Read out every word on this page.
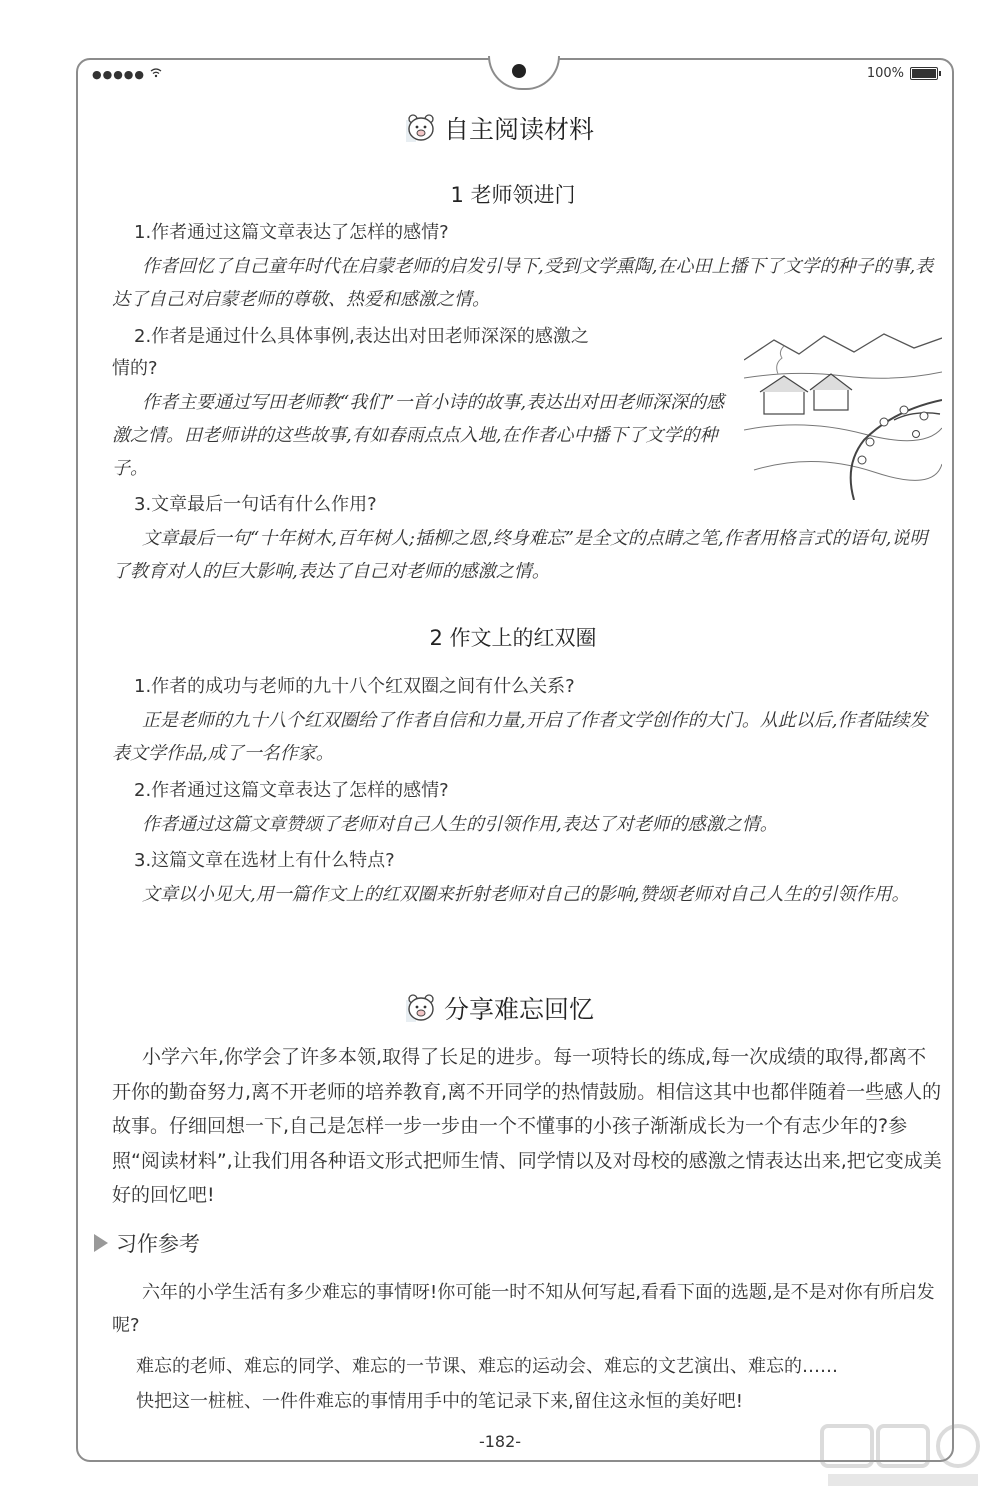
●●●●●	100%
自主阅读材料
1 老师领进门
1.作者通过这篇文章表达了怎样的感情?
作者回忆了自己童年时代在启蒙老师的启发引导下,受到文学熏陶,在心田上播下了文学的种子的事,表达了自己对启蒙老师的尊敬、热爱和感激之情。
2.作者是通过什么具体事例,表达出对田老师深深的感激之
情的?
作者主要通过写田老师教“我们”一首小诗的故事,表达出对田老师深深的感激之情。田老师讲的这些故事,有如春雨点点入地,在作者心中播下了文学的种子。
3.文章最后一句话有什么作用?
文章最后一句“十年树木,百年树人;插柳之恩,终身难忘”是全文的点睛之笔,作者用格言式的语句,说明了教育对人的巨大影响,表达了自己对老师的感激之情。
2 作文上的红双圈
1.作者的成功与老师的九十八个红双圈之间有什么关系?
正是老师的九十八个红双圈给了作者自信和力量,开启了作者文学创作的大门。从此以后,作者陆续发表文学作品,成了一名作家。
2.作者通过这篇文章表达了怎样的感情?
作者通过这篇文章赞颂了老师对自己人生的引领作用,表达了对老师的感激之情。
3.这篇文章在选材上有什么特点?
文章以小见大,用一篇作文上的红双圈来折射老师对自己的影响,赞颂老师对自己人生的引领作用。
分享难忘回忆
小学六年,你学会了许多本领,取得了长足的进步。每一项特长的练成,每一次成绩的取得,都离不开你的勤奋努力,离不开老师的培养教育,离不开同学的热情鼓励。相信这其中也都伴随着一些感人的故事。仔细回想一下,自己是怎样一步一步由一个不懂事的小孩子渐渐成长为一个有志少年的?参照“阅读材料”,让我们用各种语文形式把师生情、同学情以及对母校的感激之情表达出来,把它变成美好的回忆吧!
习作参考
六年的小学生活有多少难忘的事情呀!你可能一时不知从何写起,看看下面的选题,是不是对你有所启发呢?
难忘的老师、难忘的同学、难忘的一节课、难忘的运动会、难忘的文艺演出、难忘的……
快把这一桩桩、一件件难忘的事情用手中的笔记录下来,留住这永恒的美好吧!
-182-
